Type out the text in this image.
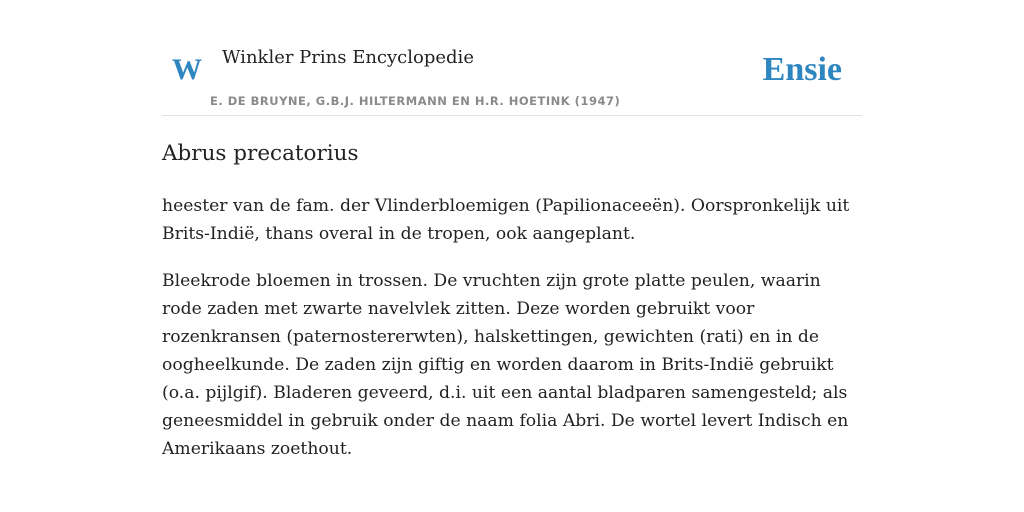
W Winkler Prins Encyclopedie
E. DE BRUYNE, G.B.J. HILTERMANN EN H.R. HOETINK (1947)
Ensie
Abrus precatorius

heester van de fam. der Vlinderbloemigen (Papilionaceeën). Oorspronkelijk uit Brits-Indië, thans overal in de tropen, ook aangeplant.

Bleekrode bloemen in trossen. De vruchten zijn grote platte peulen, waarin rode zaden met zwarte navelvlek zitten. Deze worden gebruikt voor rozenkransen (paternostererwten), halskettingen, gewichten (rati) en in de oogheelkunde. De zaden zijn giftig en worden daarom in Brits-Indië gebruikt (o.a. pijlgif). Bladeren geveerd, d.i. uit een aantal bladparen samengesteld; als geneesmiddel in gebruik onder de naam folia Abri. De wortel levert Indisch en Amerikaans zoethout.
